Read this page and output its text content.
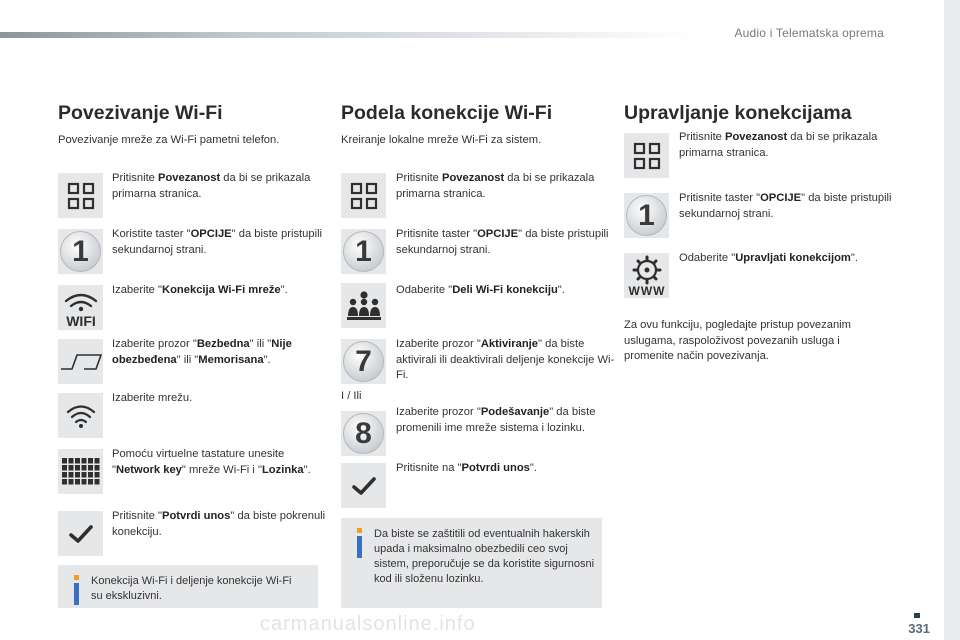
Audio i Telematska oprema
Povezivanje Wi-Fi
Povezivanje mreže za Wi-Fi pametni telefon.
Pritisnite Povezanost da bi se prikazala primarna stranica.
1
Koristite taster "OPCIJE" da biste pristupili sekundarnoj strani.
WIFI
Izaberite "Konekcija Wi-Fi mreže".
Izaberite prozor "Bezbedna" ili "Nije obezbeđena" ili "Memorisana".
Izaberite mrežu.
Pomoću virtuelne tastature unesite "Network key" mreže Wi-Fi i "Lozinka".
Pritisnite "Potvrdi unos" da biste pokrenuli konekciju.
Konekcija Wi-Fi i deljenje konekcije Wi-Fi su ekskluzivni.
Podela konekcije Wi-Fi
Kreiranje lokalne mreže Wi-Fi za sistem.
Pritisnite Povezanost da bi se prikazala primarna stranica.
1
Pritisnite taster "OPCIJE" da biste pristupili sekundarnoj strani.
Odaberite "Deli Wi-Fi konekciju".
7
Izaberite prozor "Aktiviranje" da biste aktivirali ili deaktivirali deljenje konekcije Wi-Fi.
I / Ili
8
Izaberite prozor "Podešavanje" da biste promenili ime mreže sistema i lozinku.
Pritisnite na "Potvrdi unos".
Da biste se zaštitili od eventualnih hakerskih upada i maksimalno obezbedili ceo svoj sistem, preporučuje se da koristite sigurnosni kod ili složenu lozinku.
Upravljanje konekcijama
Pritisnite Povezanost da bi se prikazala primarna stranica.
1
Pritisnite taster "OPCIJE" da biste pristupili sekundarnoj strani.
WWW
Odaberite "Upravljati konekcijom".
Za ovu funkciju, pogledajte pristup povezanim uslugama, raspoloživost povezanih usluga i promenite način povezivanja.
331
carmanualsonline.info
